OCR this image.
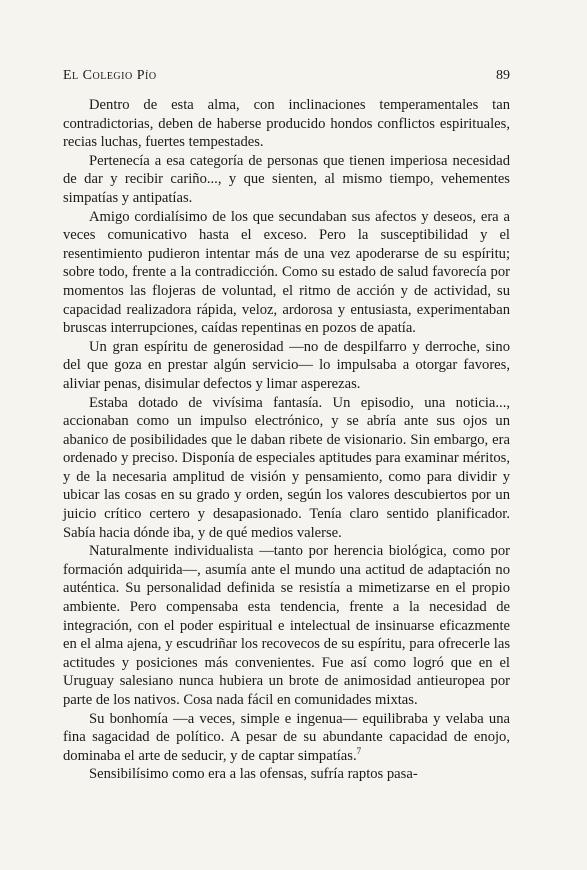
El Colegio Pío	89

Dentro de esta alma, con inclinaciones temperamentales tan contradictorias, deben de haberse producido hondos conflictos espirituales, recias luchas, fuertes tempestades.

Pertenecía a esa categoría de personas que tienen imperiosa necesidad de dar y recibir cariño..., y que sienten, al mismo tiempo, vehementes simpatías y antipatías.

Amigo cordialísimo de los que secundaban sus afectos y deseos, era a veces comunicativo hasta el exceso. Pero la susceptibilidad y el resentimiento pudieron intentar más de una vez apoderarse de su espíritu; sobre todo, frente a la contradicción. Como su estado de salud favorecía por momentos las flojeras de voluntad, el ritmo de acción y de actividad, su capacidad realizadora rápida, veloz, ardorosa y entusiasta, experimentaban bruscas interrupciones, caídas repentinas en pozos de apatía.

Un gran espíritu de generosidad —no de despilfarro y derroche, sino del que goza en prestar algún servicio— lo impulsaba a otorgar favores, aliviar penas, disimular defectos y limar asperezas.

Estaba dotado de vivísima fantasía. Un episodio, una noticia..., accionaban como un impulso electrónico, y se abría ante sus ojos un abanico de posibilidades que le daban ribete de visionario. Sin embargo, era ordenado y preciso. Disponía de especiales aptitudes para examinar méritos, y de la necesaria amplitud de visión y pensamiento, como para dividir y ubicar las cosas en su grado y orden, según los valores descubiertos por un juicio crítico certero y desapasionado. Tenía claro sentido planificador. Sabía hacia dónde iba, y de qué medios valerse.

Naturalmente individualista —tanto por herencia biológica, como por formación adquirida—, asumía ante el mundo una actitud de adaptación no auténtica. Su personalidad definida se resistía a mimetizarse en el propio ambiente. Pero compensaba esta tendencia, frente a la necesidad de integración, con el poder espiritual e intelectual de insinuarse eficazmente en el alma ajena, y escudriñar los recovecos de su espíritu, para ofrecerle las actitudes y posiciones más convenientes. Fue así como logró que en el Uruguay salesiano nunca hubiera un brote de animosidad antieuropea por parte de los nativos. Cosa nada fácil en comunidades mixtas.

Su bonhomía —a veces, simple e ingenua— equilibraba y velaba una fina sagacidad de político. A pesar de su abundante capacidad de enojo, dominaba el arte de seducir, y de captar simpatías.$^7$

Sensibilísimo como era a las ofensas, sufría raptos pasa-
